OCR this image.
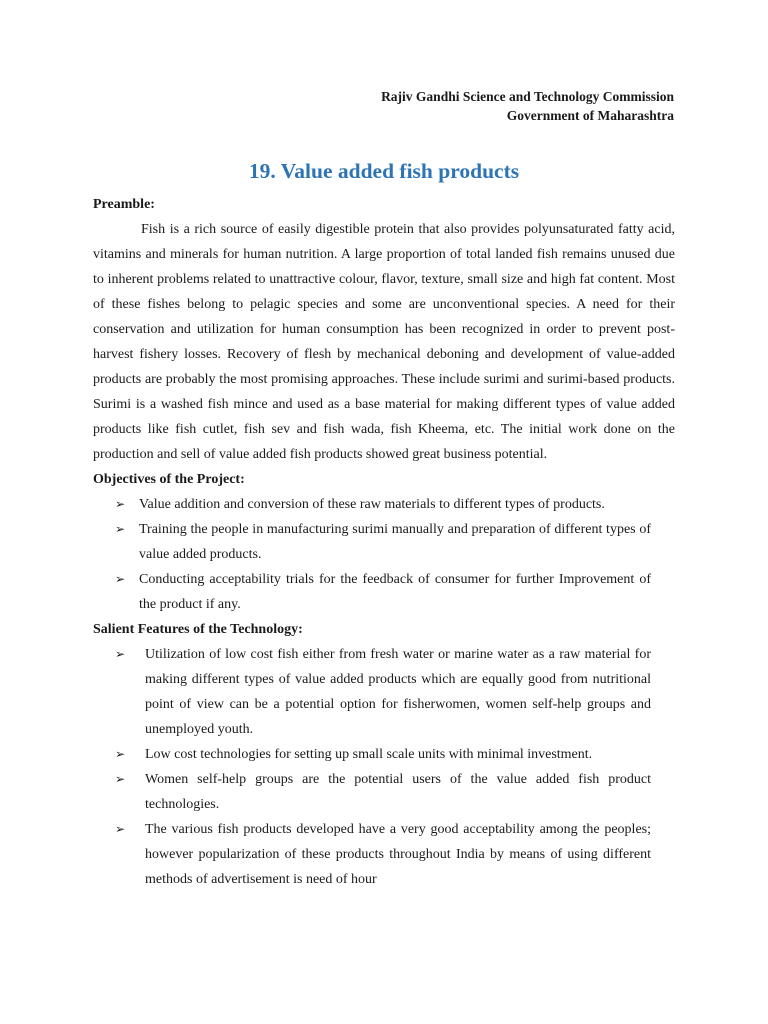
Rajiv Gandhi Science and Technology Commission
Government of Maharashtra
19. Value added fish products

Preamble:

Fish is a rich source of easily digestible protein that also provides polyunsaturated fatty acid, vitamins and minerals for human nutrition. A large proportion of total landed fish remains unused due to inherent problems related to unattractive colour, flavor, texture, small size and high fat content. Most of these fishes belong to pelagic species and some are unconventional species. A need for their conservation and utilization for human consumption has been recognized in order to prevent post-harvest fishery losses. Recovery of flesh by mechanical deboning and development of value-added products are probably the most promising approaches. These include surimi and surimi-based products. Surimi is a washed fish mince and used as a base material for making different types of value added products like fish cutlet, fish sev and fish wada, fish Kheema, etc. The initial work done on the production and sell of value added fish products showed great business potential.

Objectives of the Project:

➢ Value addition and conversion of these raw materials to different types of products.
➢ Training the people in manufacturing surimi manually and preparation of different types of value added products.
➢ Conducting acceptability trials for the feedback of consumer for further Improvement of the product if any.

Salient Features of the Technology:

➢ Utilization of low cost fish either from fresh water or marine water as a raw material for making different types of value added products which are equally good from nutritional point of view can be a potential option for fisherwomen, women self-help groups and unemployed youth.
➢ Low cost technologies for setting up small scale units with minimal investment.
➢ Women self-help groups are the potential users of the value added fish product technologies.
➢ The various fish products developed have a very good acceptability among the peoples; however popularization of these products throughout India by means of using different methods of advertisement is need of hour
